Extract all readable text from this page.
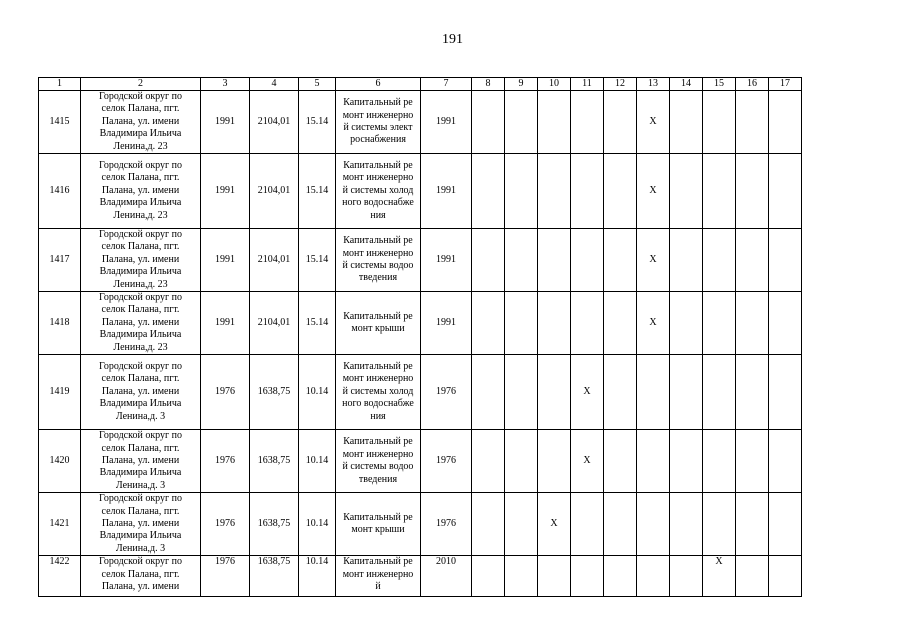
191
1	2	3	4	5	6	7	8	9	10	11	12	13	14	15	16	17
1415	Городской округ поселок Палана, пгт. Палана, ул. имени Владимира Ильича Ленина,д. 23	1991	2104,01	15.14	Капитальный ремонт инженерной системы электроснабжения	1991						X				
1416	Городской округ поселок Палана, пгт. Палана, ул. имени Владимира Ильича Ленина,д. 23	1991	2104,01	15.14	Капитальный ремонт инженерной системы холодного водоснабжения	1991						X				
1417	Городской округ поселок Палана, пгт. Палана, ул. имени Владимира Ильича Ленина,д. 23	1991	2104,01	15.14	Капитальный ремонт инженерной системы водоотведения	1991						X				
1418	Городской округ поселок Палана, пгт. Палана, ул. имени Владимира Ильича Ленина,д. 23	1991	2104,01	15.14	Капитальный ремонт крыши	1991						X				
1419	Городской округ поселок Палана, пгт. Палана, ул. имени Владимира Ильича Ленина,д. 3	1976	1638,75	10.14	Капитальный ремонт инженерной системы холодного водоснабжения	1976				X						
1420	Городской округ поселок Палана, пгт. Палана, ул. имени Владимира Ильича Ленина,д. 3	1976	1638,75	10.14	Капитальный ремонт инженерной системы водоотведения	1976				X						
1421	Городской округ поселок Палана, пгт. Палана, ул. имени Владимира Ильича Ленина,д. 3	1976	1638,75	10.14	Капитальный ремонт крыши	1976			X							
1422	Городской округ поселок Палана, пгт. Палана, ул. имени	1976	1638,75	10.14	Капитальный ремонт инженерной	2010								X		
